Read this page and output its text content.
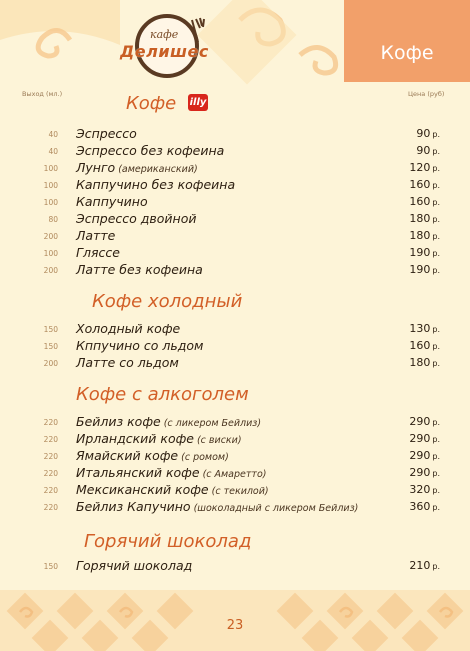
Кофе
кафе
Делишес
Выход (мл.)	Цена (руб)
Кофе illy
40 Эспрессо	90 р.
40 Эспрессо без кофеина	90 р.
100 Лунго (американский)	120 р.
100 Каппучино без кофеина	160 р.
100 Каппучино	160 р.
80 Эспрессо двойной	180 р.
200 Латте	180 р.
100 Гляссе	190 р.
200 Латте без кофеина	190 р.
Кофе холодный
150 Холодный кофе	130 р.
150 Кппучино со льдом	160 р.
200 Латте со льдом	180 р.
Кофе с алкоголем
220 Бейлиз кофе (с ликером Бейлиз)	290 р.
220 Ирландский кофе (с виски)	290 р.
220 Ямайский кофе (с ромом)	290 р.
220 Итальянский кофе (с Амаретто)	290 р.
220 Мексиканский кофе (с текилой)	320 р.
220 Бейлиз Капучино (шоколадный с ликером Бейлиз)	360 р.
Горячий шоколад
150 Горячий шоколад	210 р.
23
